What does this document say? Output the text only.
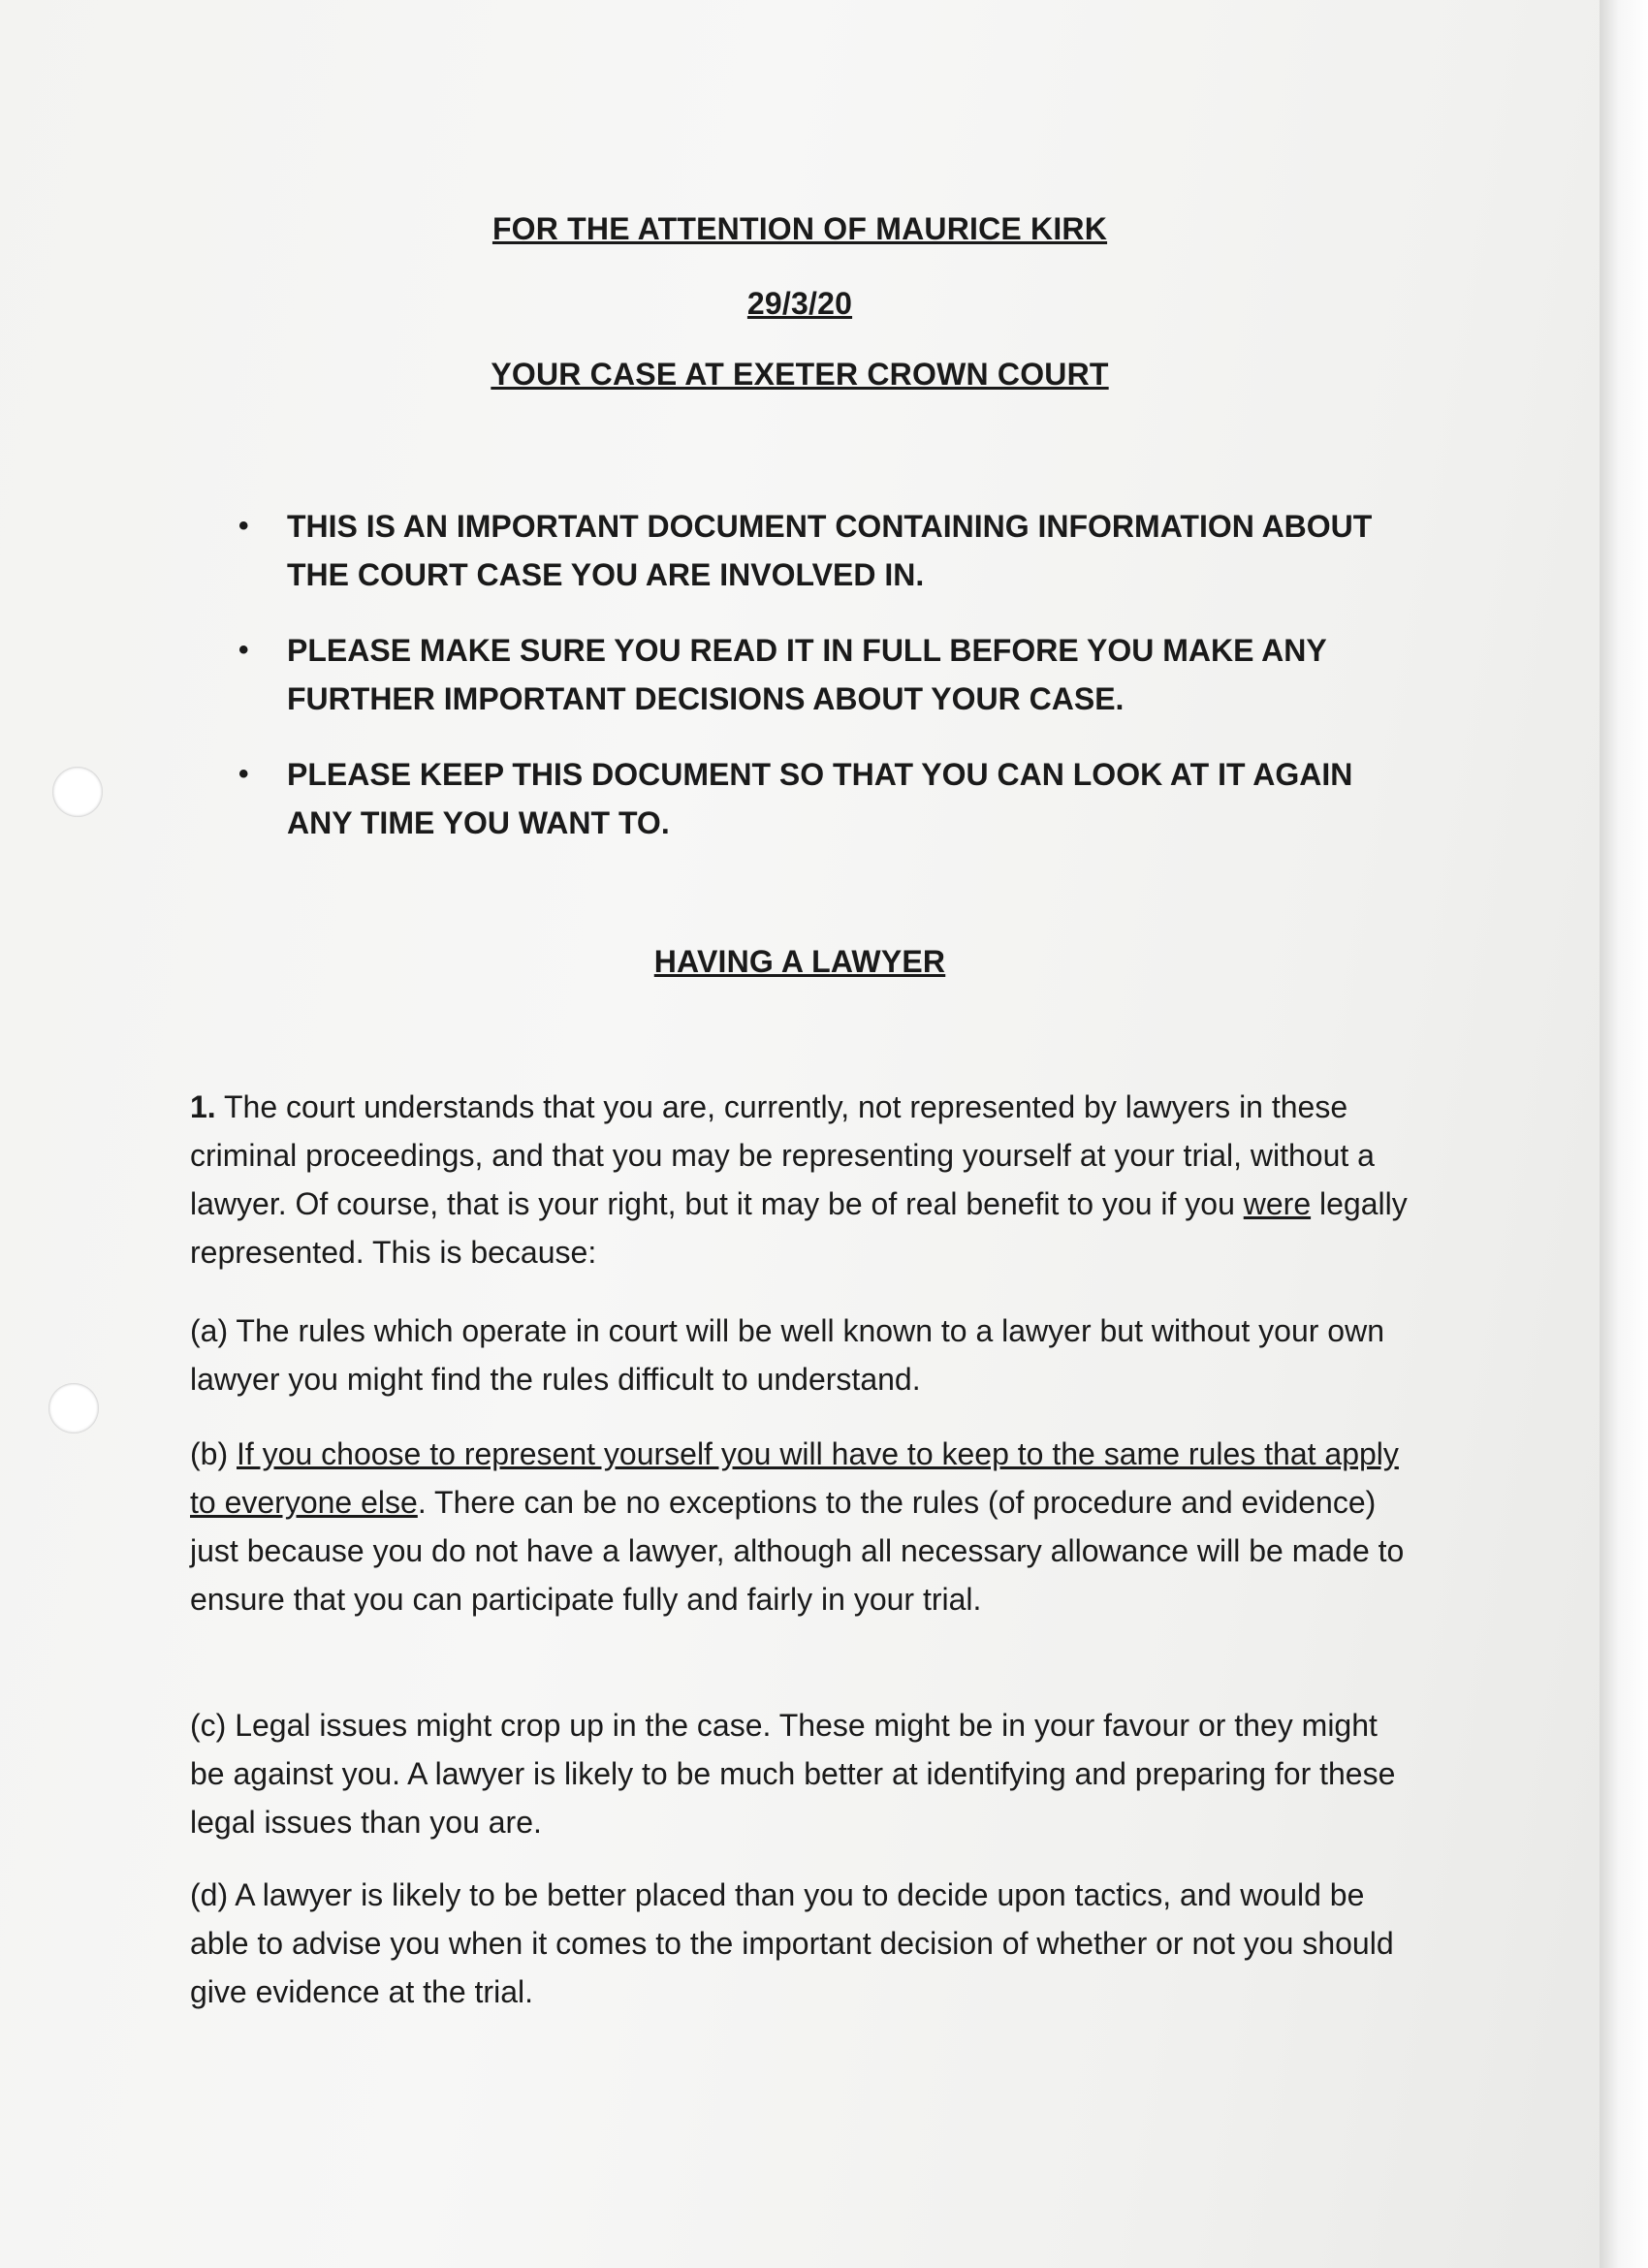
FOR THE ATTENTION OF MAURICE KIRK
29/3/20
YOUR CASE AT EXETER CROWN COURT
• THIS IS AN IMPORTANT DOCUMENT CONTAINING INFORMATION ABOUT THE COURT CASE YOU ARE INVOLVED IN.
• PLEASE MAKE SURE YOU READ IT IN FULL BEFORE YOU MAKE ANY FURTHER IMPORTANT DECISIONS ABOUT YOUR CASE.
• PLEASE KEEP THIS DOCUMENT SO THAT YOU CAN LOOK AT IT AGAIN ANY TIME YOU WANT TO.
HAVING A LAWYER

1. The court understands that you are, currently, not represented by lawyers in these criminal proceedings, and that you may be representing yourself at your trial, without a lawyer. Of course, that is your right, but it may be of real benefit to you if you were legally represented. This is because:

(a) The rules which operate in court will be well known to a lawyer but without your own lawyer you might find the rules difficult to understand.

(b) If you choose to represent yourself you will have to keep to the same rules that apply to everyone else. There can be no exceptions to the rules (of procedure and evidence) just because you do not have a lawyer, although all necessary allowance will be made to ensure that you can participate fully and fairly in your trial.

(c) Legal issues might crop up in the case. These might be in your favour or they might be against you. A lawyer is likely to be much better at identifying and preparing for these legal issues than you are.

(d) A lawyer is likely to be better placed than you to decide upon tactics, and would be able to advise you when it comes to the important decision of whether or not you should give evidence at the trial.
